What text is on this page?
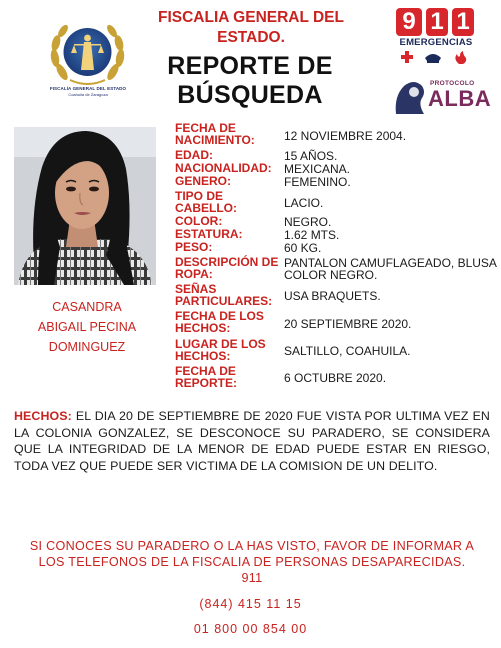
FISCALÍA GENERAL DEL ESTADO
Coahuila de Zaragoza
FISCALIA GENERAL DEL
ESTADO.
REPORTE DE
BÚSQUEDA
9 1 1
EMERGENCIAS
PROTOCOLO
ALBA
CASANDRA
ABIGAIL PECINA
DOMINGUEZ
FECHA DE
NACIMIENTO: 12 NOVIEMBRE 2004.
EDAD:	15 AÑOS.
NACIONALIDAD: MEXICANA.
GENERO:	FEMENINO.
TIPO DE
CABELLO:	LACIO.
COLOR:	NEGRO.
ESTATURA:	1.62 MTS.
PESO:	60 KG.
DESCRIPCIÓN DE
ROPA:
PANTALON CAMUFLAGEADO, BLUSA
COLOR NEGRO.
SEÑAS
PARTICULARES: USA BRAQUETS.
FECHA DE LOS
HECHOS:	20 SEPTIEMBRE 2020.
LUGAR DE LOS
HECHOS:	SALTILLO, COAHUILA.
FECHA DE
REPORTE:	6 OCTUBRE 2020.
HECHOS: EL DIA 20 DE SEPTIEMBRE DE 2020 FUE VISTA POR ULTIMA VEZ EN LA COLONIA GONZALEZ, SE DESCONOCE SU PARADERO, SE CONSIDERA QUE LA INTEGRIDAD DE LA MENOR DE EDAD PUEDE ESTAR EN RIESGO, TODA VEZ QUE PUEDE SER VICTIMA DE LA COMISION DE UN DELITO.
SI CONOCES SU PARADERO O LA HAS VISTO, FAVOR DE INFORMAR A
LOS TELEFONOS DE LA FISCALIA DE PERSONAS DESAPARECIDAS.
911
(844) 415 11 15
01 800 00 854 00
